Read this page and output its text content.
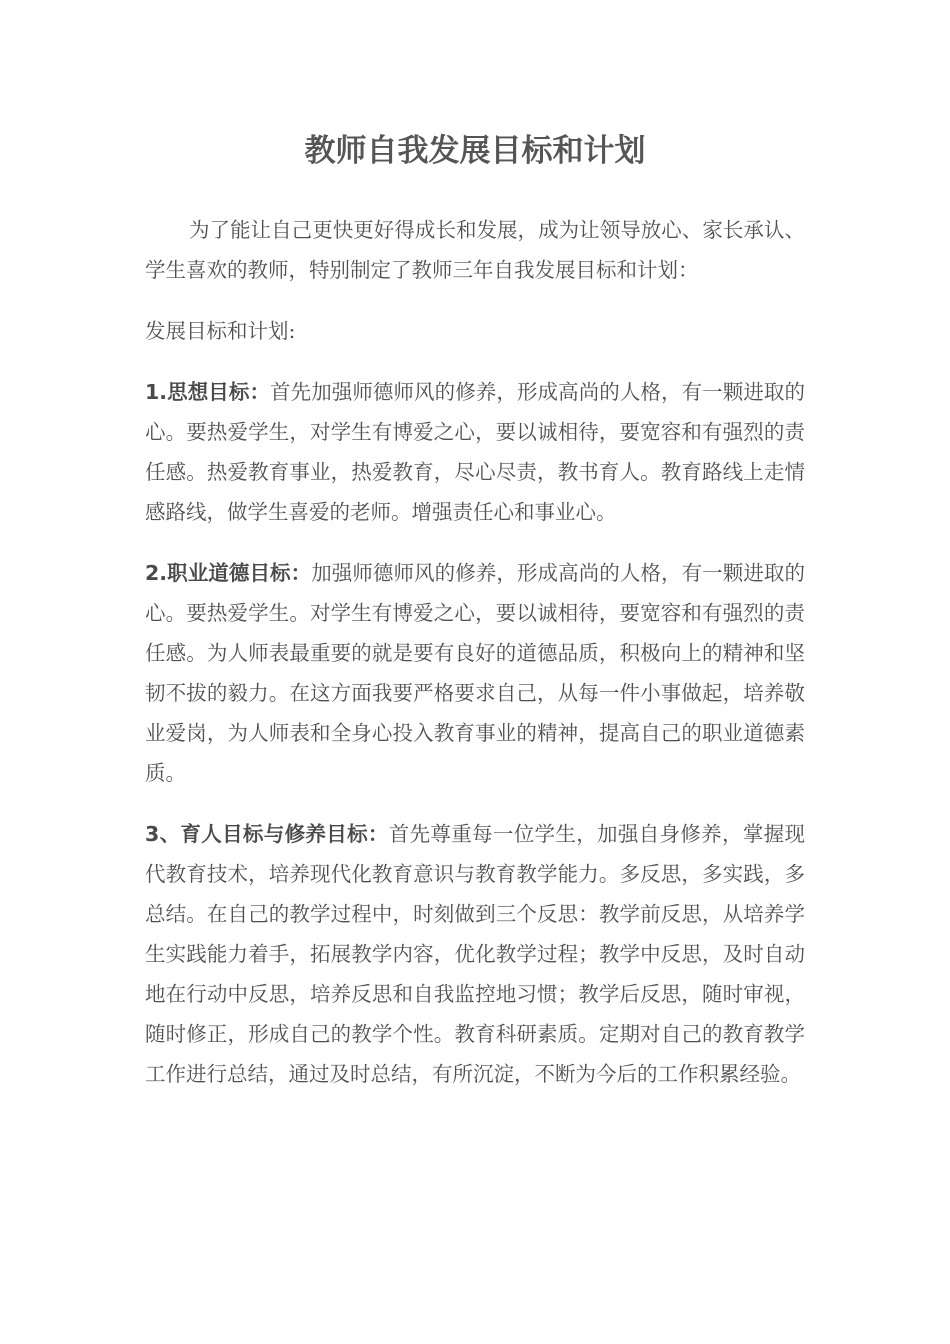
教师自我发展目标和计划

为了能让自己更快更好得成长和发展，成为让领导放心、家长承认、学生喜欢的教师，特别制定了教师三年自我发展目标和计划：

发展目标和计划:

1.思想目标：首先加强师德师风的修养，形成高尚的人格，有一颗进取的心。要热爱学生，对学生有博爱之心，要以诚相待，要宽容和有强烈的责任感。热爱教育事业，热爱教育，尽心尽责，教书育人。教育路线上走情感路线，做学生喜爱的老师。增强责任心和事业心。

2.职业道德目标：加强师德师风的修养，形成高尚的人格，有一颗进取的心。要热爱学生。对学生有博爱之心，要以诚相待，要宽容和有强烈的责任感。为人师表最重要的就是要有良好的道德品质，积极向上的精神和坚韧不拔的毅力。在这方面我要严格要求自己，从每一件小事做起，培养敬业爱岗，为人师表和全身心投入教育事业的精神，提高自己的职业道德素质。

3、育人目标与修养目标：首先尊重每一位学生，加强自身修养，掌握现代教育技术，培养现代化教育意识与教育教学能力。多反思，多实践，多总结。在自己的教学过程中，时刻做到三个反思：教学前反思，从培养学生实践能力着手，拓展教学内容，优化教学过程；教学中反思，及时自动地在行动中反思，培养反思和自我监控地习惯；教学后反思，随时审视，随时修正，形成自己的教学个性。教育科研素质。定期对自己的教育教学工作进行总结，通过及时总结，有所沉淀，不断为今后的工作积累经验。
